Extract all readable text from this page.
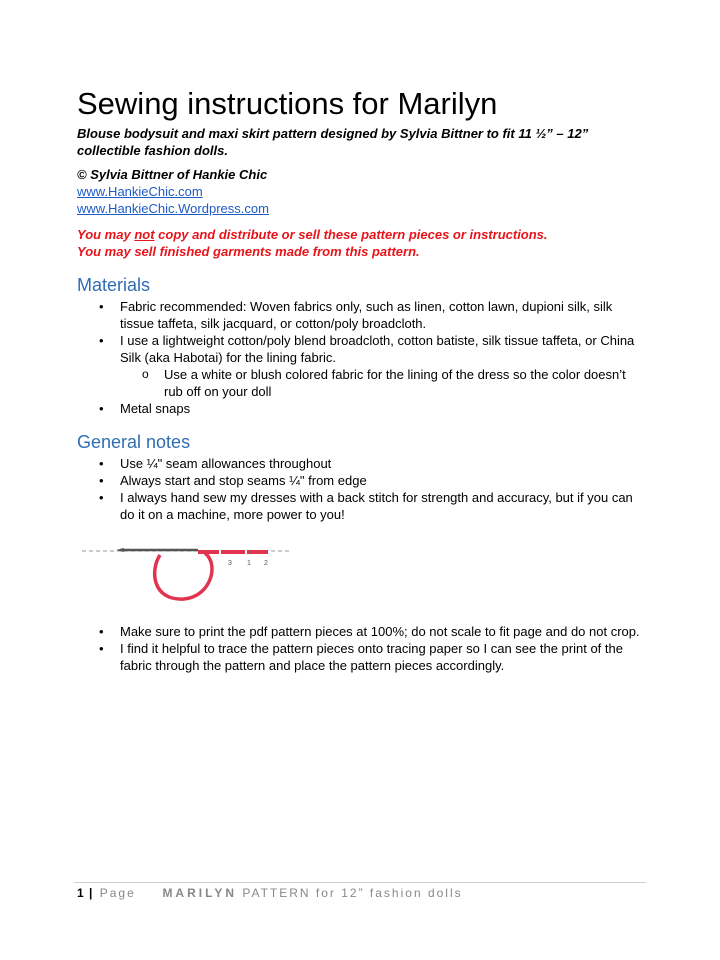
Sewing instructions for Marilyn
Blouse bodysuit and maxi skirt pattern designed by Sylvia Bittner to fit 11 ½” – 12” collectible fashion dolls.
© Sylvia Bittner of Hankie Chic
www.HankieChic.com
www.HankieChic.Wordpress.com
You may not copy and distribute or sell these pattern pieces or instructions.
You may sell finished garments made from this pattern.
Materials
• Fabric recommended: Woven fabrics only, such as linen, cotton lawn, dupioni silk, silk tissue taffeta, silk jacquard, or cotton/poly broadcloth.
• I use a lightweight cotton/poly blend broadcloth, cotton batiste, silk tissue taffeta, or China Silk (aka Habotai) for the lining fabric.
o Use a white or blush colored fabric for the lining of the dress so the color doesn’t rub off on your doll
• Metal snaps
General notes
• Use ¼" seam allowances throughout
• Always start and stop seams ¼" from edge
• I always hand sew my dresses with a back stitch for strength and accuracy, but if you can do it on a machine, more power to you!
3 1 2
• Make sure to print the pdf pattern pieces at 100%; do not scale to fit page and do not crop.
• I find it helpful to trace the pattern pieces onto tracing paper so I can see the print of the fabric through the pattern and place the pattern pieces accordingly.
1 | Page MARILYN PATTERN for 12” fashion dolls
